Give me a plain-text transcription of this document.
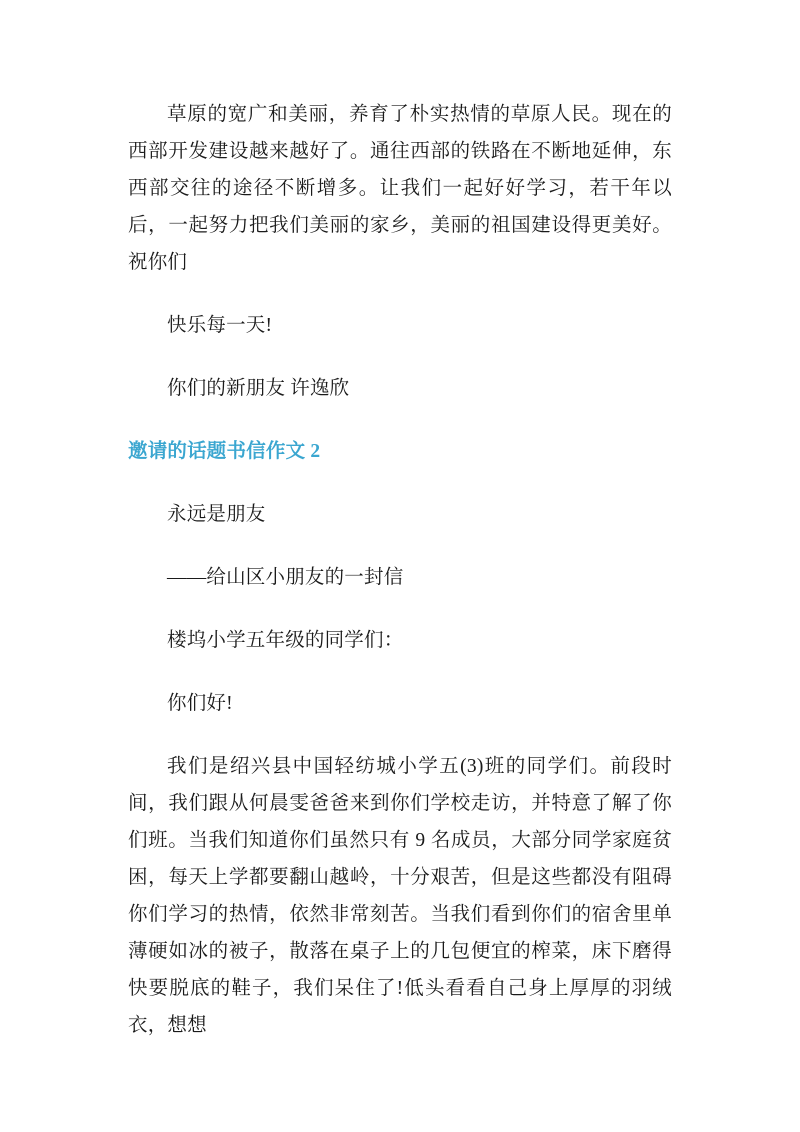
草原的宽广和美丽，养育了朴实热情的草原人民。现在的西部开发建设越来越好了。通往西部的铁路在不断地延伸，东西部交往的途径不断增多。让我们一起好好学习，若干年以后，一起努力把我们美丽的家乡，美丽的祖国建设得更美好。祝你们

快乐每一天!

你们的新朋友 许逸欣

邀请的话题书信作文 2

永远是朋友

——给山区小朋友的一封信

楼坞小学五年级的同学们：

你们好!

我们是绍兴县中国轻纺城小学五(3)班的同学们。前段时间，我们跟从何晨雯爸爸来到你们学校走访，并特意了解了你们班。当我们知道你们虽然只有 9 名成员，大部分同学家庭贫困，每天上学都要翻山越岭，十分艰苦，但是这些都没有阻碍你们学习的热情，依然非常刻苦。当我们看到你们的宿舍里单薄硬如冰的被子，散落在桌子上的几包便宜的榨菜，床下磨得快要脱底的鞋子，我们呆住了!低头看看自己身上厚厚的羽绒衣，想想
